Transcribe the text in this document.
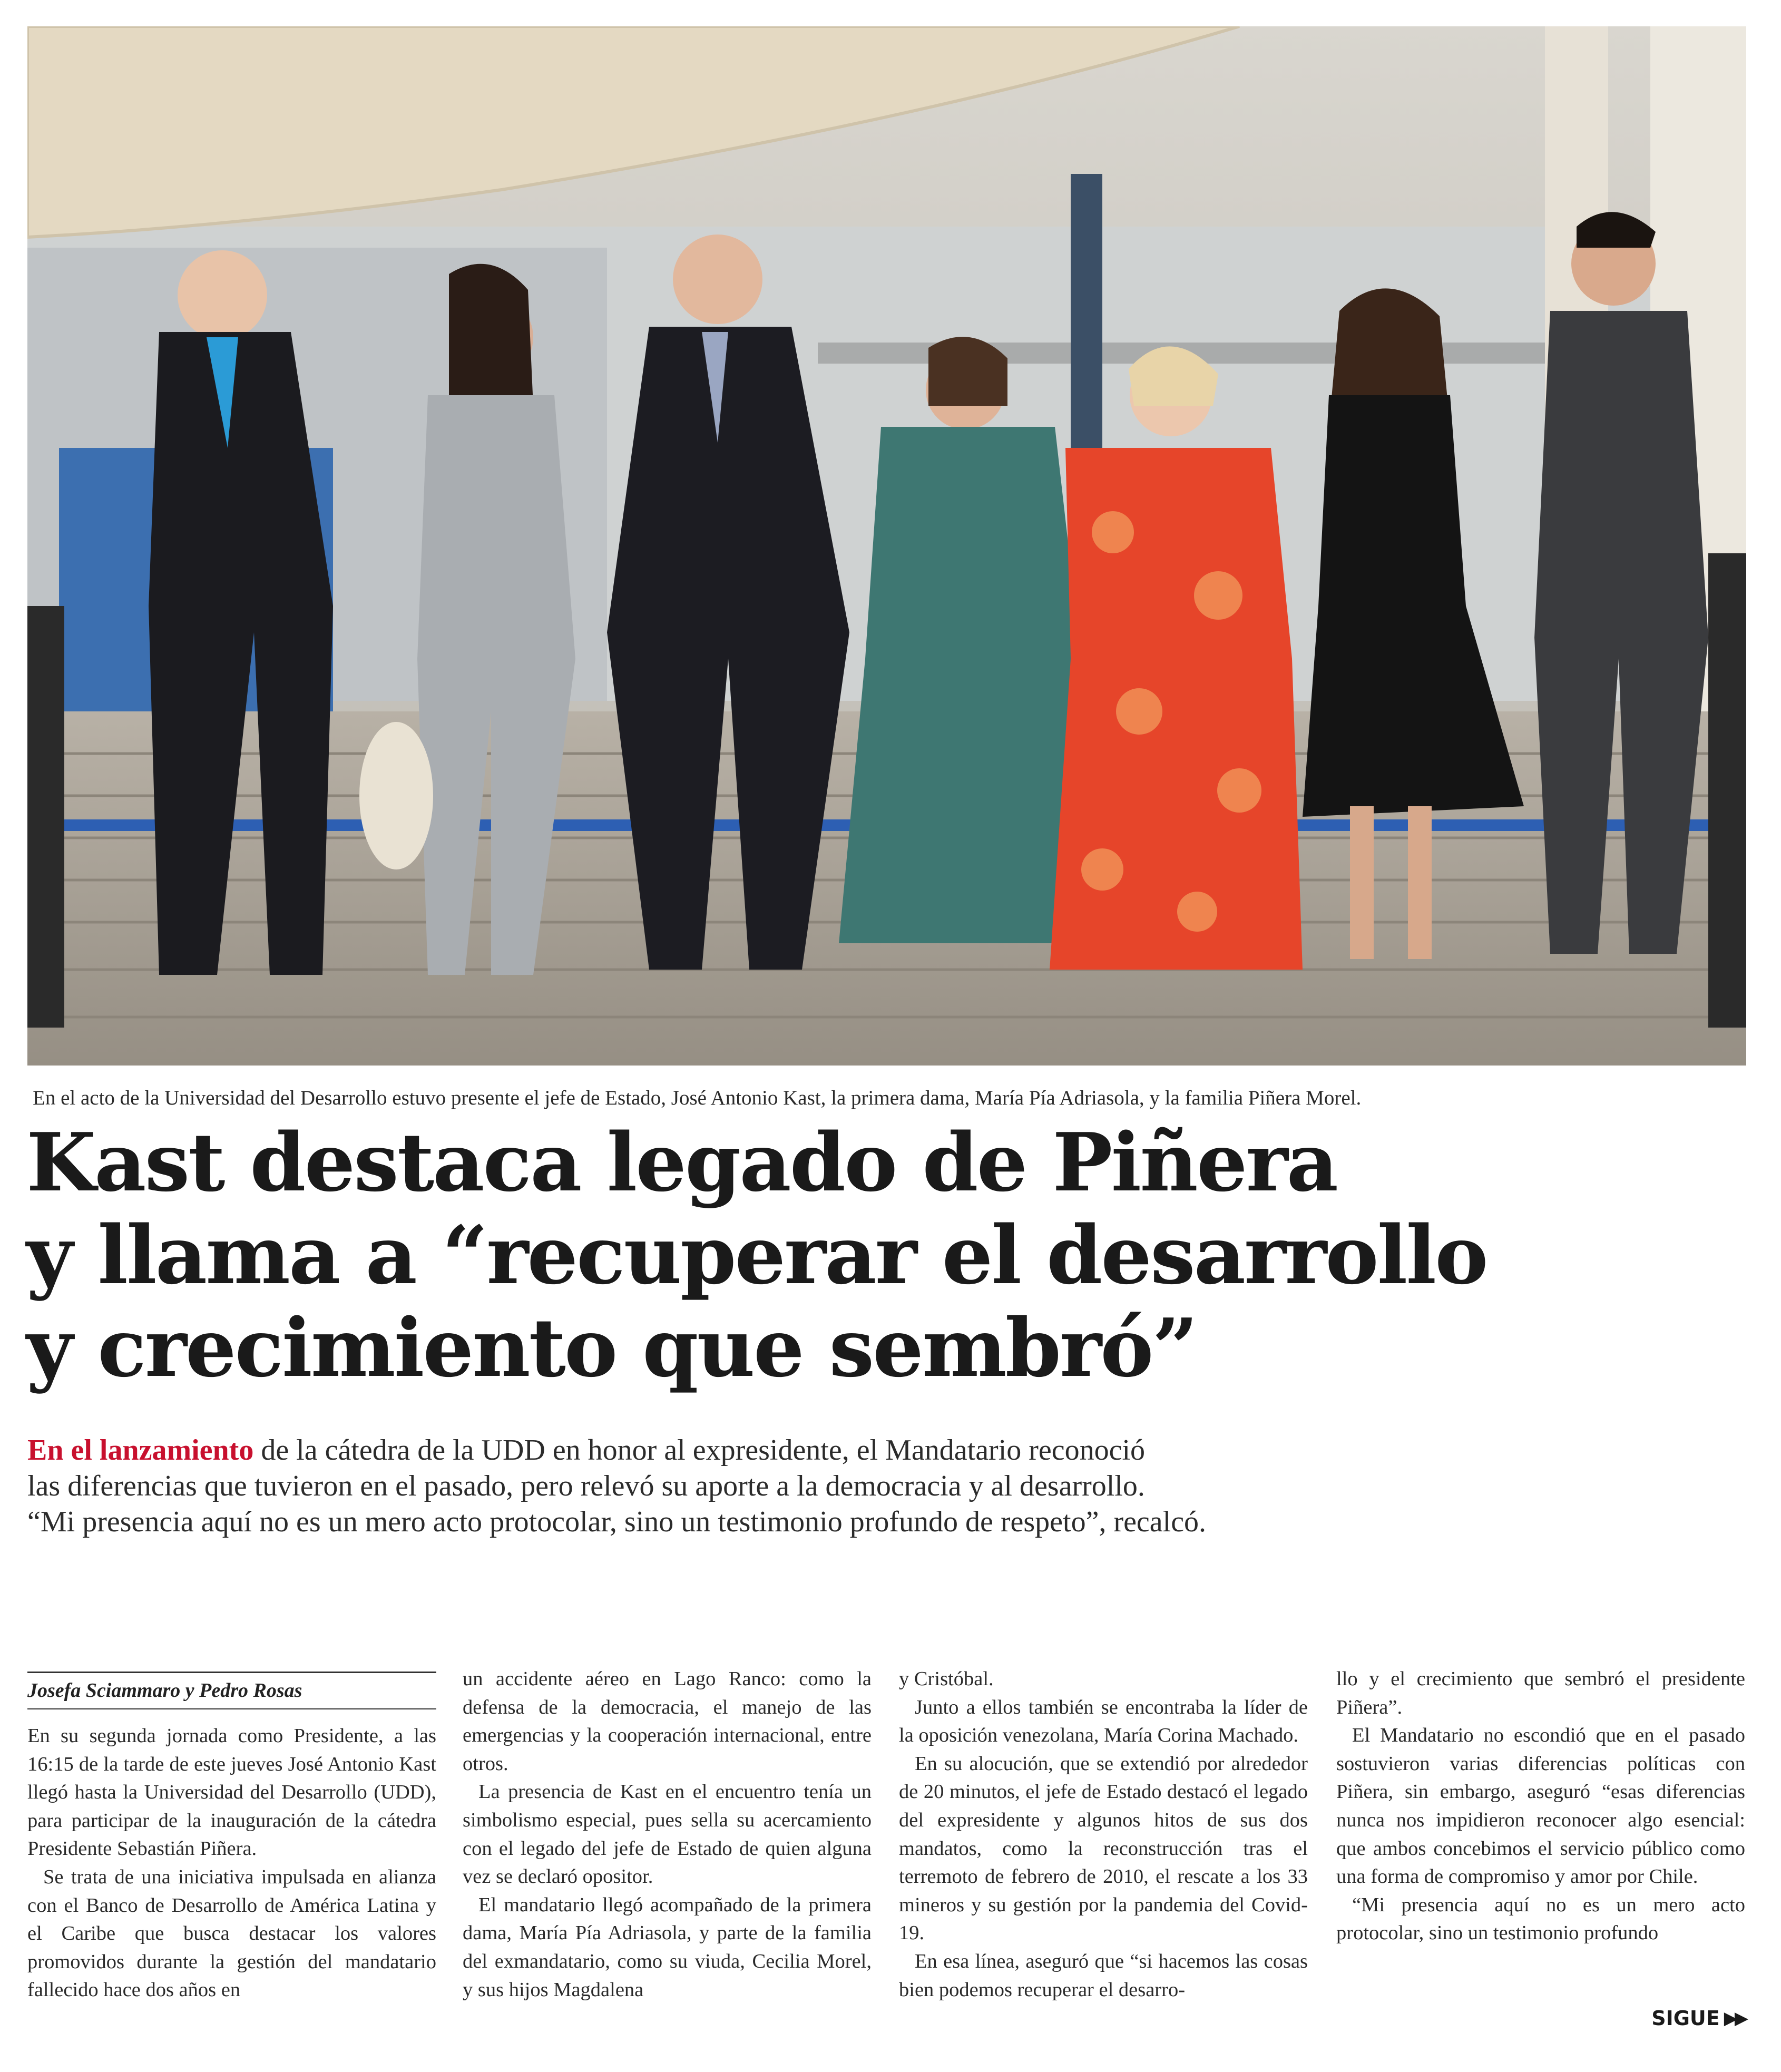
En el acto de la Universidad del Desarrollo estuvo presente el jefe de Estado, José Antonio Kast, la primera dama, María Pía Adriasola, y la familia Piñera Morel.
Kast destaca legado de Piñera
y llama a “recuperar el desarrollo
y crecimiento que sembró”
En el lanzamiento de la cátedra de la UDD en honor al expresidente, el Mandatario reconoció
las diferencias que tuvieron en el pasado, pero relevó su aporte a la democracia y al desarrollo.
“Mi presencia aquí no es un mero acto protocolar, sino un testimonio profundo de respeto”, recalcó.
Josefa Sciammaro y Pedro Rosas

En su segunda jornada como Presidente, a las 16:15 de la tarde de este jueves José Antonio Kast llegó hasta la Universidad del Desarrollo (UDD), para participar de la inauguración de la cátedra Presidente Sebastián Piñera.

Se trata de una iniciativa impulsada en alianza con el Banco de Desarrollo de América Latina y el Caribe que busca destacar los valores promovidos durante la gestión del mandatario fallecido hace dos años en

un accidente aéreo en Lago Ranco: como la defensa de la democracia, el manejo de las emergencias y la cooperación internacional, entre otros.

La presencia de Kast en el encuentro tenía un simbolismo especial, pues sella su acercamiento con el legado del jefe de Estado de quien alguna vez se declaró opositor.

El mandatario llegó acompañado de la primera dama, María Pía Adriasola, y parte de la familia del exmandatario, como su viuda, Cecilia Morel, y sus hijos Magdalena

y Cristóbal.

Junto a ellos también se encontraba la líder de la oposición venezolana, María Corina Machado.

En su alocución, que se extendió por alrededor de 20 minutos, el jefe de Estado destacó el legado del expresidente y algunos hitos de sus dos mandatos, como la reconstrucción tras el terremoto de febrero de 2010, el rescate a los 33 mineros y su gestión por la pandemia del Covid-19.

En esa línea, aseguró que “si hacemos las cosas bien podemos recuperar el desarro-

llo y el crecimiento que sembró el presidente Piñera”.

El Mandatario no escondió que en el pasado sostuvieron varias diferencias políticas con Piñera, sin embargo, aseguró “esas diferencias nunca nos impidieron reconocer algo esencial: que ambos concebimos el servicio público como una forma de compromiso y amor por Chile.

“Mi presencia aquí no es un mero acto protocolar, sino un testimonio profundo

SIGUE ▶▶
